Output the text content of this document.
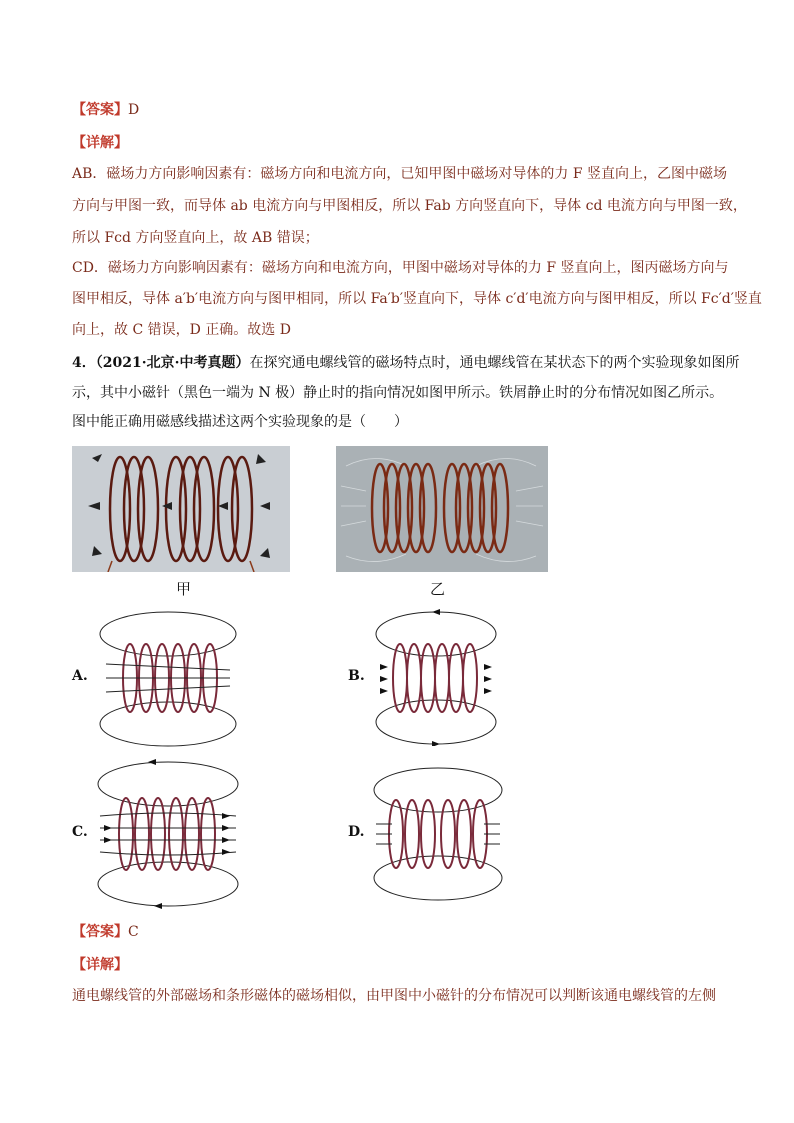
【答案】D
【详解】
AB．磁场力方向影响因素有：磁场方向和电流方向，已知甲图中磁场对导体的力 F 竖直向上，乙图中磁场
方向与甲图一致，而导体 ab 电流方向与甲图相反，所以 Fab 方向竖直向下，导体 cd 电流方向与甲图一致，
所以 Fcd 方向竖直向上，故 AB 错误；
CD．磁场力方向影响因素有：磁场方向和电流方向，甲图中磁场对导体的力 F 竖直向上，图丙磁场方向与
图甲相反，导体 a′b′电流方向与图甲相同，所以 Fa′b′竖直向下，导体 c′d′电流方向与图甲相反，所以 Fc′d′竖直
向上，故 C 错误，D 正确。故选 D
4．（2021·北京·中考真题）在探究通电螺线管的磁场特点时，通电螺线管在某状态下的两个实验现象如图所
示，其中小磁针（黑色一端为 N 极）静止时的指向情况如图甲所示。铁屑静止时的分布情况如图乙所示。
图中能正确用磁感线描述这两个实验现象的是（　　）
甲	乙
A.	B.
C.	D.
【答案】C
【详解】
通电螺线管的外部磁场和条形磁体的磁场相似，由甲图中小磁针的分布情况可以判断该通电螺线管的左侧
